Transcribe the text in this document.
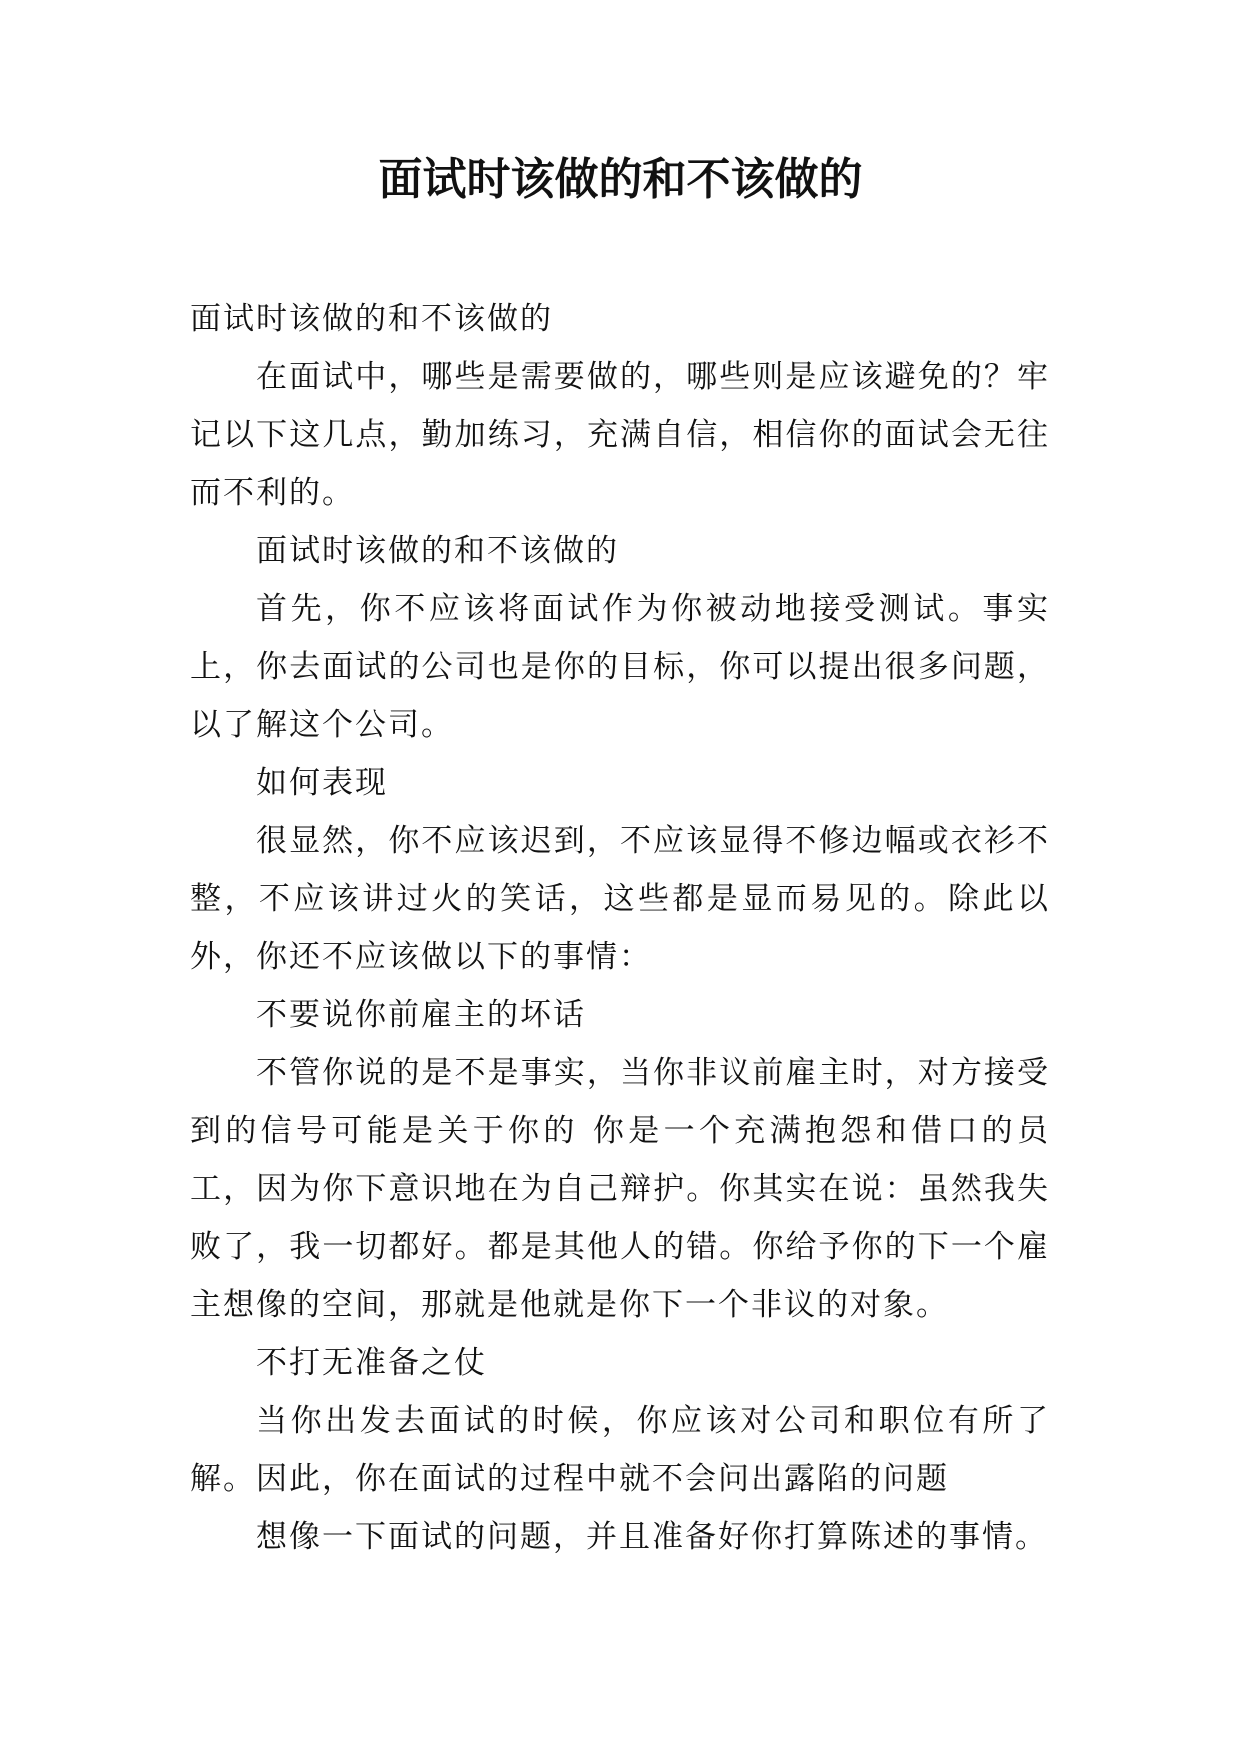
面试时该做的和不该做的

面试时该做的和不该做的

在面试中，哪些是需要做的，哪些则是应该避免的？牢记以下这几点，勤加练习，充满自信，相信你的面试会无往而不利的。

面试时该做的和不该做的

首先，你不应该将面试作为你被动地接受测试。事实上，你去面试的公司也是你的目标，你可以提出很多问题，以了解这个公司。

如何表现

很显然，你不应该迟到，不应该显得不修边幅或衣衫不整，不应该讲过火的笑话，这些都是显而易见的。除此以外，你还不应该做以下的事情：

不要说你前雇主的坏话

不管你说的是不是事实，当你非议前雇主时，对方接受到的信号可能是关于你的 你是一个充满抱怨和借口的员工，因为你下意识地在为自己辩护。你其实在说：虽然我失败了，我一切都好。都是其他人的错。你给予你的下一个雇主想像的空间，那就是他就是你下一个非议的对象。

不打无准备之仗

当你出发去面试的时候，你应该对公司和职位有所了解。因此，你在面试的过程中就不会问出露陷的问题

想像一下面试的问题，并且准备好你打算陈述的事情。
